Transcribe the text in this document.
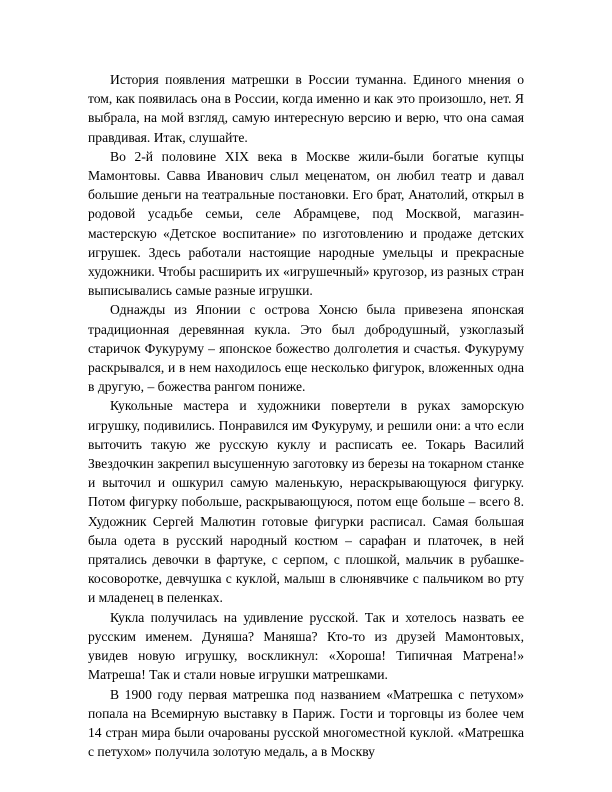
История появления матрешки в России туманна. Единого мнения о том, как появилась она в России, когда именно и как это произошло, нет. Я выбрала, на мой взгляд, самую интересную версию и верю, что она самая правдивая. Итак, слушайте.

Во 2-й половине XIX века в Москве жили-были богатые купцы Мамонтовы. Савва Иванович слыл меценатом, он любил театр и давал большие деньги на театральные постановки. Его брат, Анатолий, открыл в родовой усадьбе семьи, селе Абрамцеве, под Москвой, магазин-мастерскую «Детское воспитание» по изготовлению и продаже детских игрушек. Здесь работали настоящие народные умельцы и прекрасные художники. Чтобы расширить их «игрушечный» кругозор, из разных стран выписывались самые разные игрушки.

Однажды из Японии с острова Хонсю была привезена японская традиционная деревянная кукла. Это был добродушный, узкоглазый старичок Фукуруму – японское божество долголетия и счастья. Фукуруму раскрывался, и в нем находилось еще несколько фигурок, вложенных одна в другую, – божества рангом пониже.

Кукольные мастера и художники повертели в руках заморскую игрушку, подивились. Понравился им Фукуруму, и решили они: а что если выточить такую же русскую куклу и расписать ее. Токарь Василий Звездочкин закрепил высушенную заготовку из березы на токарном станке и выточил и ошкурил самую маленькую, нераскрывающуюся фигурку. Потом фигурку побольше, раскрывающуюся, потом еще больше – всего 8. Художник Сергей Малютин готовые фигурки расписал. Самая большая была одета в русский народный костюм – сарафан и платочек, в ней прятались девочки в фартуке, с серпом, с плошкой, мальчик в рубашке-косоворотке, девчушка с куклой, малыш в слюнявчике с пальчиком во рту и младенец в пеленках.

Кукла получилась на удивление русской. Так и хотелось назвать ее русским именем. Дуняша? Маняша? Кто-то из друзей Мамонтовых, увидев новую игрушку, воскликнул: «Хороша! Типичная Матрена!» Матреша! Так и стали новые игрушки матрешками.

В 1900 году первая матрешка под названием «Матрешка с петухом» попала на Всемирную выставку в Париж. Гости и торговцы из более чем 14 стран мира были очарованы русской многоместной куклой. «Матрешка с петухом» получила золотую медаль, а в Москву
